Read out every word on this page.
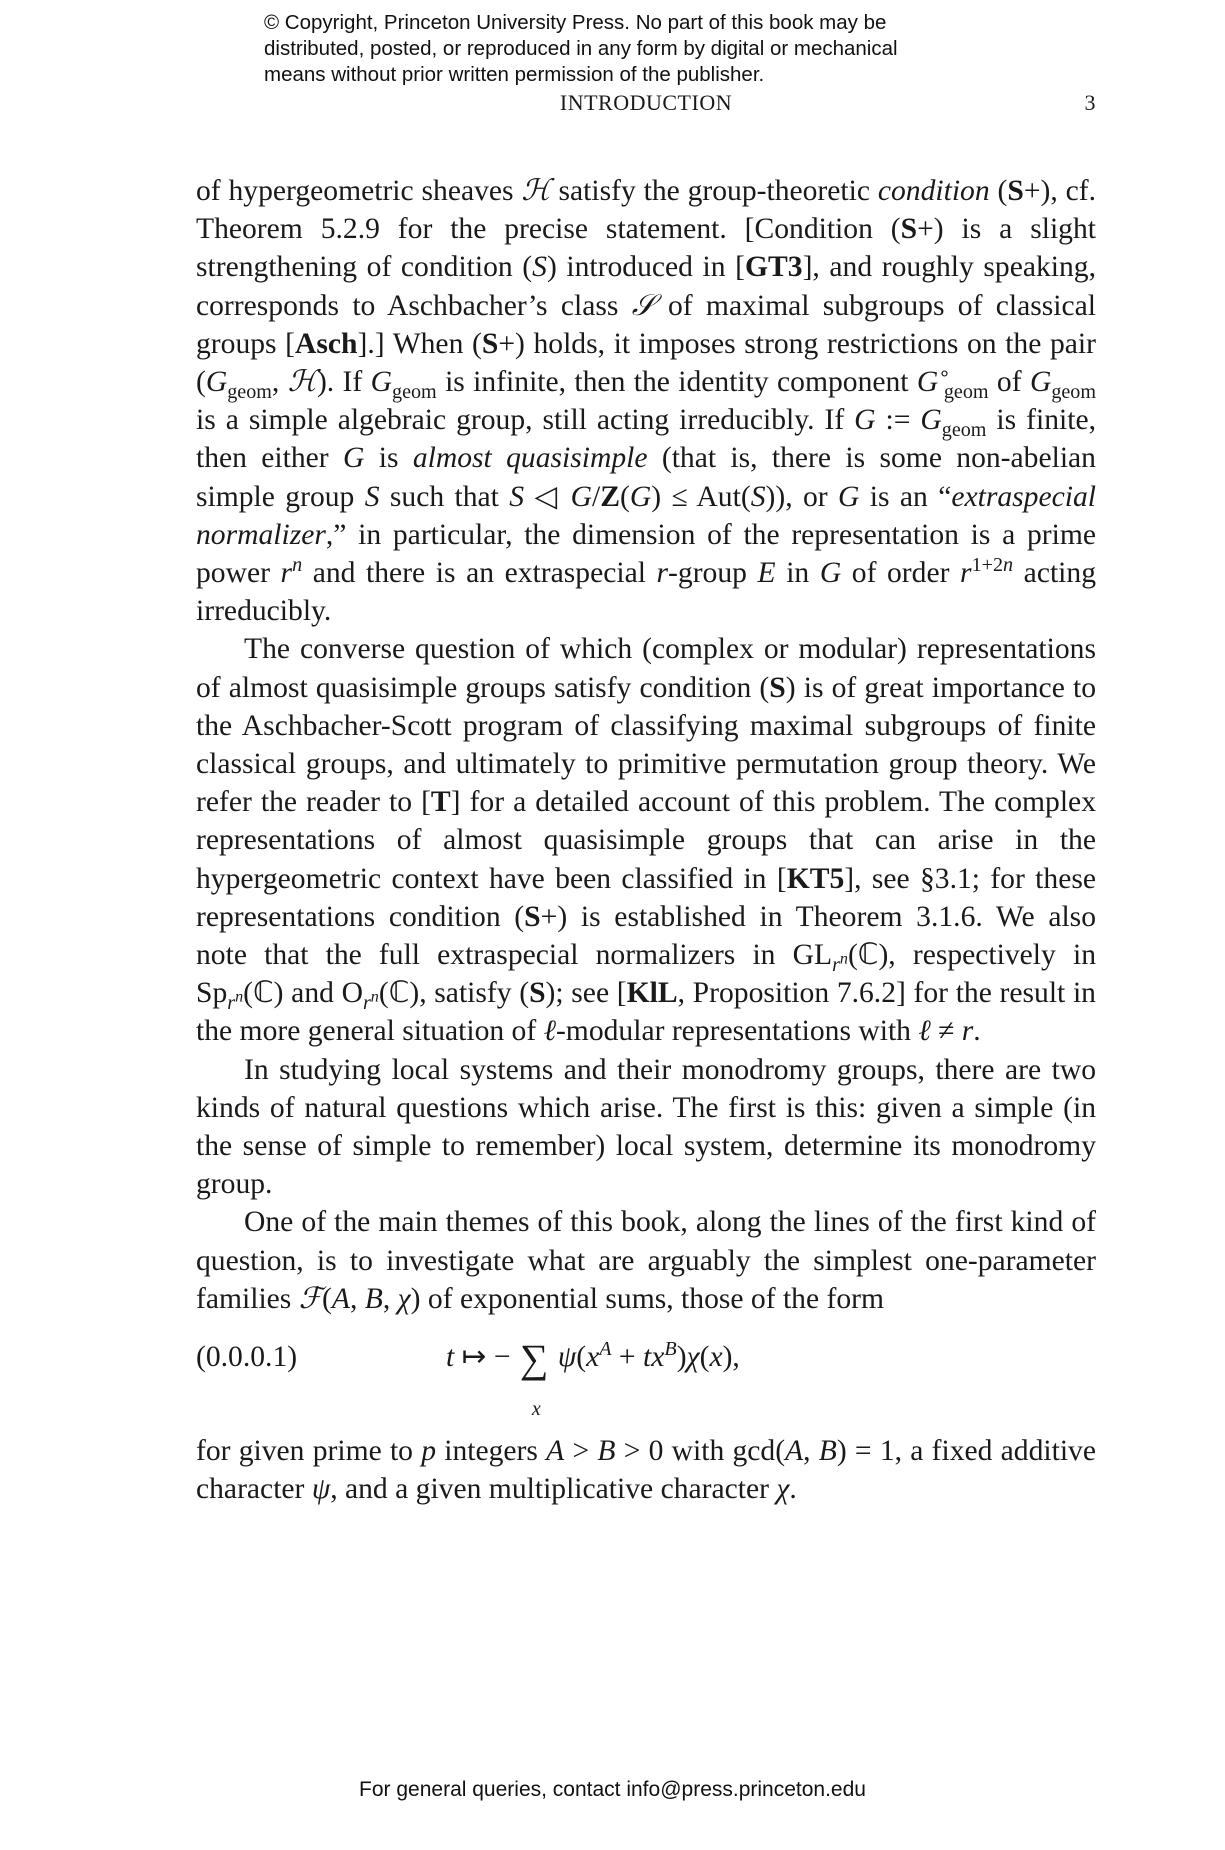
© Copyright, Princeton University Press. No part of this book may be
distributed, posted, or reproduced in any form by digital or mechanical
means without prior written permission of the publisher.
INTRODUCTION	3

of hypergeometric sheaves ℋ satisfy the group-theoretic condition (S+), cf. Theorem 5.2.9 for the precise statement. [Condition (S+) is a slight strengthening of condition (S) introduced in [GT3], and roughly speaking, corresponds to Aschbacher’s class 𝒮 of maximal subgroups of classical groups [Asch].] When (S+) holds, it imposes strong restrictions on the pair ($G_{geom}$, ℋ). If $G_{geom}$ is infinite, then the identity component $G^\circ_{geom}$ of $G_{geom}$ is a simple algebraic group, still acting irreducibly. If G := $G_{geom}$ is finite, then either G is almost quasisimple (that is, there is some non-abelian simple group S such that S ◁ G/Z(G) ≤ Aut(S)), or G is an “extraspecial normalizer,” in particular, the dimension of the representation is a prime power $r^n$ and there is an extraspecial r-group E in G of order $r^{1+2n}$ acting irreducibly.

The converse question of which (complex or modular) representations of almost quasisimple groups satisfy condition (S) is of great importance to the Aschbacher-Scott program of classifying maximal subgroups of finite classical groups, and ultimately to primitive permutation group theory. We refer the reader to [T] for a detailed account of this problem. The complex representations of almost quasisimple groups that can arise in the hypergeometric context have been classified in [KT5], see §3.1; for these representations condition (S+) is established in Theorem 3.1.6. We also note that the full extraspecial normalizers in $GL_{r^n}(ℂ)$, respectively in $Sp_{r^n}(ℂ)$ and $O_{r^n}(ℂ)$, satisfy (S); see [KlL, Proposition 7.6.2] for the result in the more general situation of ℓ-modular representations with ℓ ≠ r.

In studying local systems and their monodromy groups, there are two kinds of natural questions which arise. The first is this: given a simple (in the sense of simple to remember) local system, determine its monodromy group.

One of the main themes of this book, along the lines of the first kind of question, is to investigate what are arguably the simplest one-parameter families ℱ(A, B, χ) of exponential sums, those of the form

(0.0.0.1)	t ↦ − ∑
x
$\psi(x^A + tx^B)\chi(x)$,

for given prime to p integers A > B > 0 with gcd(A, B) = 1, a fixed additive character ψ, and a given multiplicative character χ.

For general queries, contact info@press.princeton.edu
